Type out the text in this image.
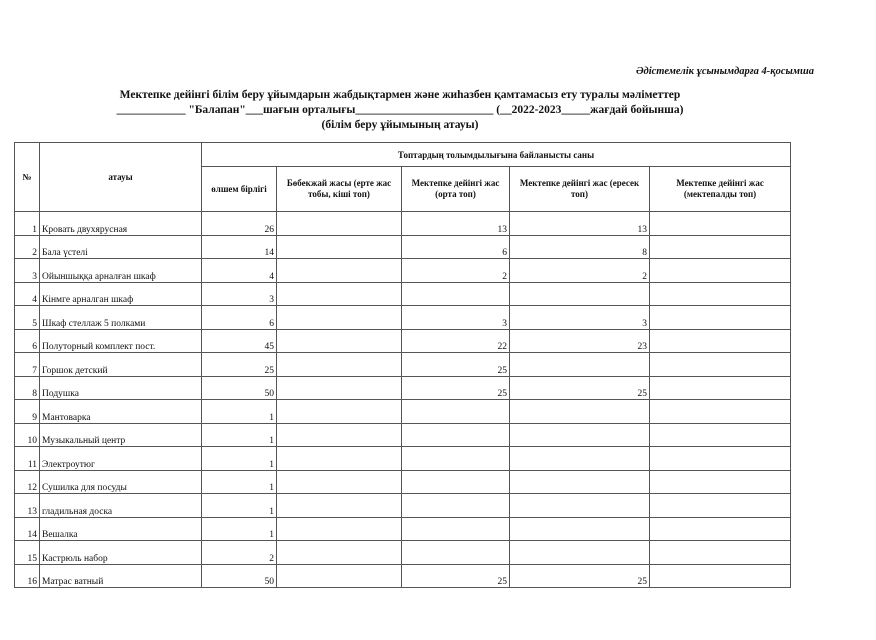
Әдістемелік ұсынымдарға 4-қосымша
Мектепке дейінгі білім беру ұйымдарын жабдықтармен және жиһазбен қамтамасыз ету туралы мәліметтер
____________ "Балапан"___шағын орталығы________________________ (__2022-2023_____жағдай бойынша)
(білім беру ұйымының атауы)
№	атауы	Топтардың толымдылығына байланысты саны				
		өлшем бірлігі	Бөбекжай жасы (ерте жас тобы, кіші топ)	Мектепке дейінгі жас (орта топ)	Мектепке дейінгі жас (ересек топ)	Мектепке дейінгі жас (мектепалды топ)
1	Кровать двухярусная	26		13	13	
2	Бала үстелі	14		6	8	
3	Ойыншыққа арналған шкаф	4		2	2	
4	Кінмге арналган шкаф	3				
5	Шкаф стеллаж 5 полками	6		3	3	
6	Полуторный комплект пост.	45		22	23	
7	Горшок детский	25		25		
8	Подушка	50		25	25	
9	Мантоварка	1				
10	Музыкальный центр	1				
11	Электроутюг	1				
12	Сушилка для посуды	1				
13	гладильная доска	1				
14	Вешалка	1				
15	Кастрюль набор	2				
16	Матрас ватный	50		25	25	
